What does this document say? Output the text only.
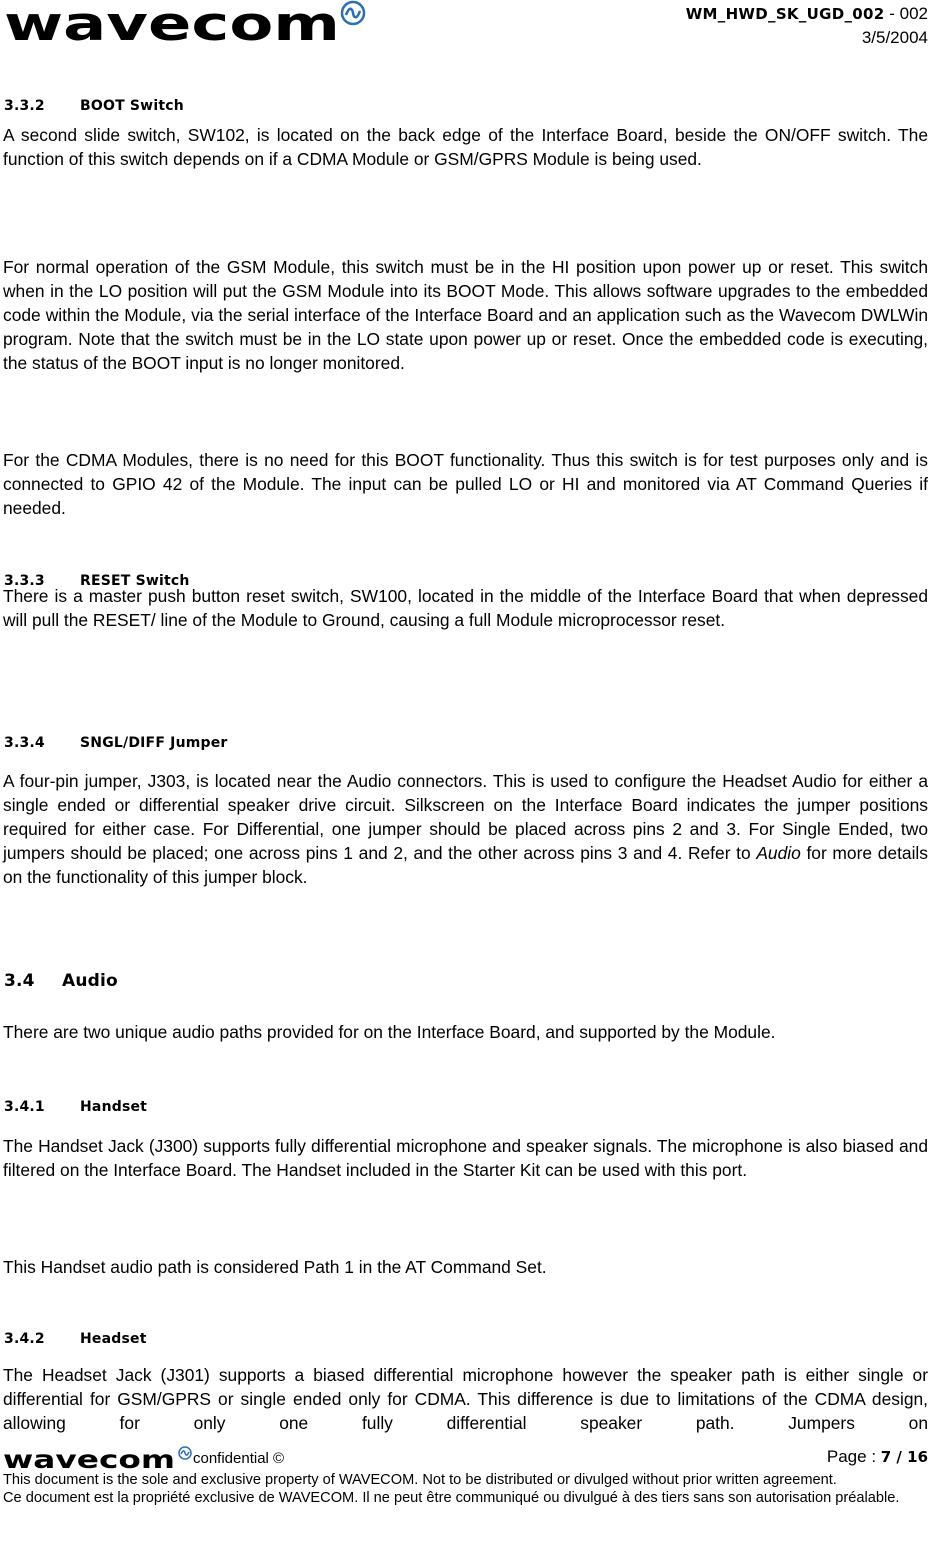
wavecom	WM_HWD_SK_UGD_002 - 002
3/5/2004
3.3.2	BOOT Switch

A second slide switch, SW102, is located on the back edge of the Interface Board, beside the ON/OFF switch. The function of this switch depends on if a CDMA Module or GSM/GPRS Module is being used.

For normal operation of the GSM Module, this switch must be in the HI position upon power up or reset. This switch when in the LO position will put the GSM Module into its BOOT Mode. This allows software upgrades to the embedded code within the Module, via the serial interface of the Interface Board and an application such as the Wavecom DWLWin program. Note that the switch must be in the LO state upon power up or reset. Once the embedded code is executing, the status of the BOOT input is no longer monitored.

For the CDMA Modules, there is no need for this BOOT functionality. Thus this switch is for test purposes only and is connected to GPIO 42 of the Module. The input can be pulled LO or HI and monitored via AT Command Queries if needed.

3.3.3	RESET Switch

There is a master push button reset switch, SW100, located in the middle of the Interface Board that when depressed will pull the RESET/ line of the Module to Ground, causing a full Module microprocessor reset.

3.3.4	SNGL/DIFF Jumper

A four-pin jumper, J303, is located near the Audio connectors. This is used to configure the Headset Audio for either a single ended or differential speaker drive circuit. Silkscreen on the Interface Board indicates the jumper positions required for either case. For Differential, one jumper should be placed across pins 2 and 3. For Single Ended, two jumpers should be placed; one across pins 1 and 2, and the other across pins 3 and 4. Refer to Audio for more details on the functionality of this jumper block.

3.4 Audio

There are two unique audio paths provided for on the Interface Board, and supported by the Module.

3.4.1	Handset

The Handset Jack (J300) supports fully differential microphone and speaker signals. The microphone is also biased and filtered on the Interface Board. The Handset included in the Starter Kit can be used with this port.

This Handset audio path is considered Path 1 in the AT Command Set.

3.4.2	Headset

The Headset Jack (J301) supports a biased differential microphone however the speaker path is either single or differential for GSM/GPRS or single ended only for CDMA. This difference is due to limitations of the CDMA design, allowing for only one fully differential speaker path. Jumpers on

wavecom confidential ©	Page : 7 / 16

This document is the sole and exclusive property of WAVECOM. Not to be distributed or divulged without prior written agreement.

Ce document est la propriété exclusive de WAVECOM. Il ne peut être communiqué ou divulgué à des tiers sans son autorisation préalable.
